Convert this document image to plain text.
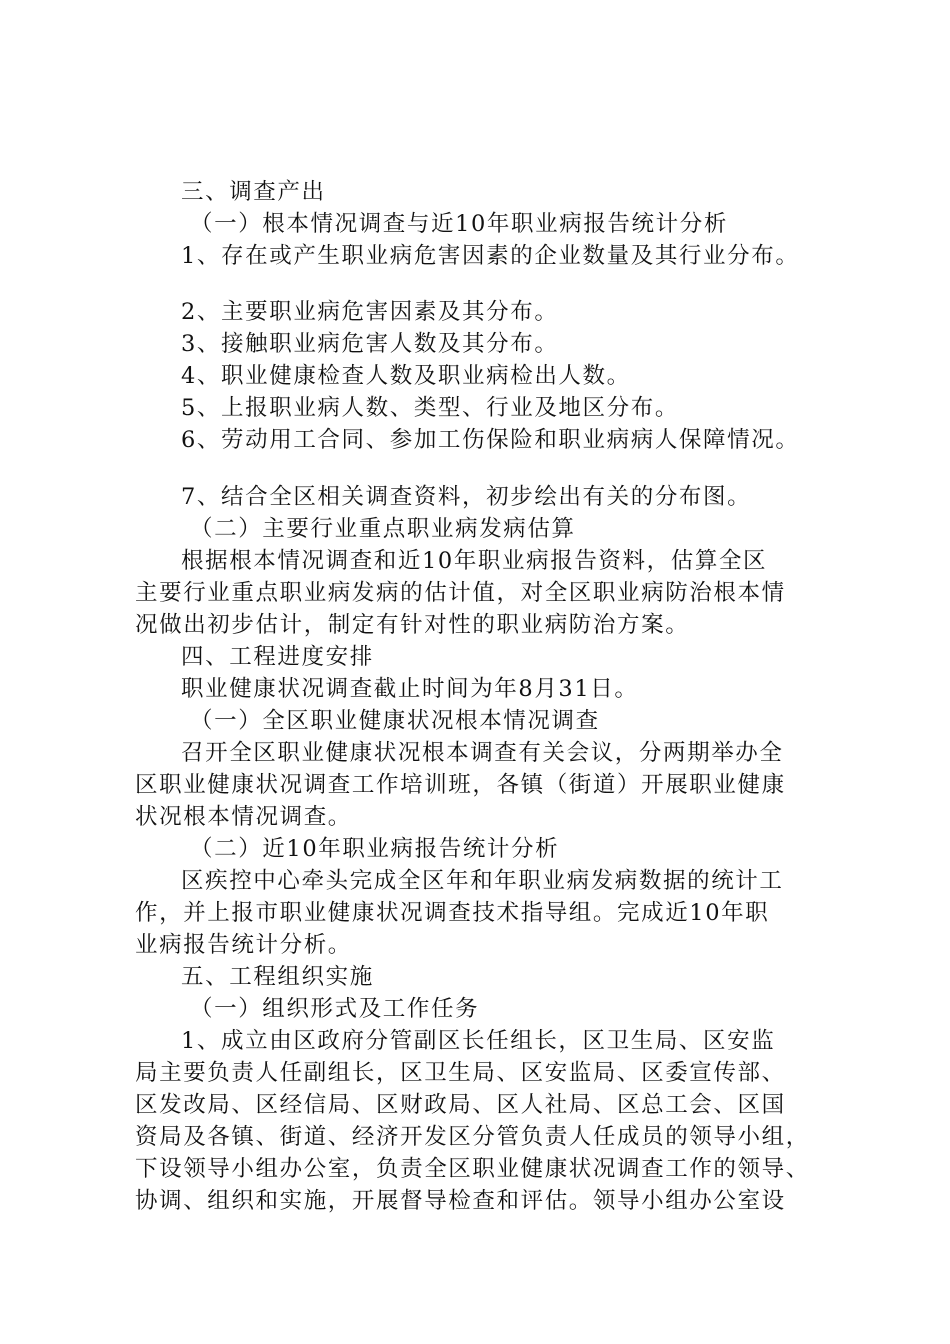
三、调查产出

（一）根本情况调查与近10年职业病报告统计分析

1、存在或产生职业病危害因素的企业数量及其行业分布。

2、主要职业病危害因素及其分布。

3、接触职业病危害人数及其分布。

4、职业健康检查人数及职业病检出人数。

5、上报职业病人数、类型、行业及地区分布。

6、劳动用工合同、参加工伤保险和职业病病人保障情况。

7、结合全区相关调查资料，初步绘出有关的分布图。

（二）主要行业重点职业病发病估算

根据根本情况调查和近10年职业病报告资料，估算全区

主要行业重点职业病发病的估计值，对全区职业病防治根本情

况做出初步估计，制定有针对性的职业病防治方案。

四、工程进度安排

职业健康状况调查截止时间为年8月31日。

（一）全区职业健康状况根本情况调查

召开全区职业健康状况根本调查有关会议，分两期举办全

区职业健康状况调查工作培训班，各镇（街道）开展职业健康

状况根本情况调查。

（二）近10年职业病报告统计分析

区疾控中心牵头完成全区年和年职业病发病数据的统计工

作，并上报市职业健康状况调查技术指导组。完成近10年职

业病报告统计分析。

五、工程组织实施

（一）组织形式及工作任务

1、成立由区政府分管副区长任组长，区卫生局、区安监

局主要负责人任副组长，区卫生局、区安监局、区委宣传部、

区发改局、区经信局、区财政局、区人社局、区总工会、区国

资局及各镇、街道、经济开发区分管负责人任成员的领导小组，

下设领导小组办公室，负责全区职业健康状况调查工作的领导、

协调、组织和实施，开展督导检查和评估。领导小组办公室设
